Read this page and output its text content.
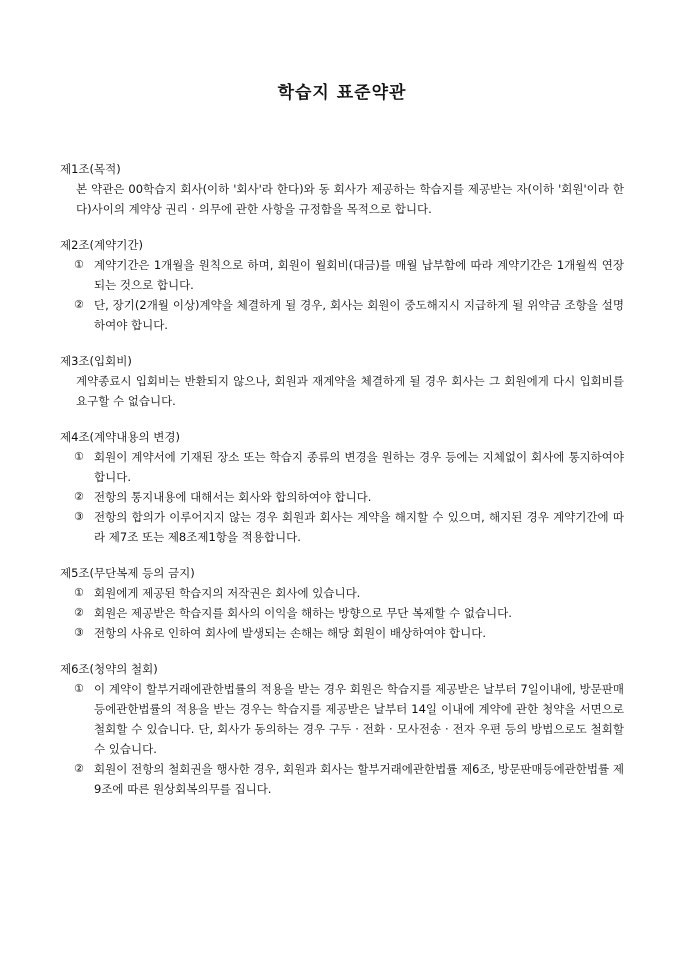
학습지 표준약관

제1조(목적)

본 약관은 00학습지 회사(이하 '회사'라 한다)와 동 회사가 제공하는 학습지를 제공받는 자(이하 '회원'이라 한다)사이의 계약상 권리 · 의무에 관한 사항을 규정함을 목적으로 합니다.

제2조(계약기간)

① 계약기간은 1개월을 원칙으로 하며, 회원이 월회비(대금)를 매월 납부함에 따라 계약기간은 1개월씩 연장되는 것으로 합니다.
② 단, 장기(2개월 이상)계약을 체결하게 될 경우, 회사는 회원이 중도해지시 지급하게 될 위약금 조항을 설명하여야 합니다.

제3조(입회비)

계약종료시 입회비는 반환되지 않으나, 회원과 재계약을 체결하게 될 경우 회사는 그 회원에게 다시 입회비를 요구할 수 없습니다.

제4조(계약내용의 변경)

① 회원이 계약서에 기재된 장소 또는 학습지 종류의 변경을 원하는 경우 등에는 지체없이 회사에 통지하여야 합니다.
② 전항의 통지내용에 대해서는 회사와 합의하여야 합니다.
③ 전항의 합의가 이루어지지 않는 경우 회원과 회사는 계약을 해지할 수 있으며, 해지된 경우 계약기간에 따라 제7조 또는 제8조제1항을 적용합니다.

제5조(무단복제 등의 금지)

① 회원에게 제공된 학습지의 저작권은 회사에 있습니다.
② 회원은 제공받은 학습지를 회사의 이익을 해하는 방향으로 무단 복제할 수 없습니다.
③ 전항의 사유로 인하여 회사에 발생되는 손해는 해당 회원이 배상하여야 합니다.

제6조(청약의 철회)

① 이 계약이 할부거래에관한법률의 적용을 받는 경우 회원은 학습지를 제공받은 날부터 7일이내에, 방문판매등에관한법률의 적용을 받는 경우는 학습지를 제공받은 날부터 14일 이내에 계약에 관한 청약을 서면으로 철회할 수 있습니다. 단, 회사가 동의하는 경우 구두 · 전화 · 모사전송 · 전자 우편 등의 방법으로도 철회할 수 있습니다.
② 회원이 전항의 철회권을 행사한 경우, 회원과 회사는 할부거래에관한법률 제6조, 방문판매등에관한법률 제9조에 따른 원상회복의무를 집니다.
